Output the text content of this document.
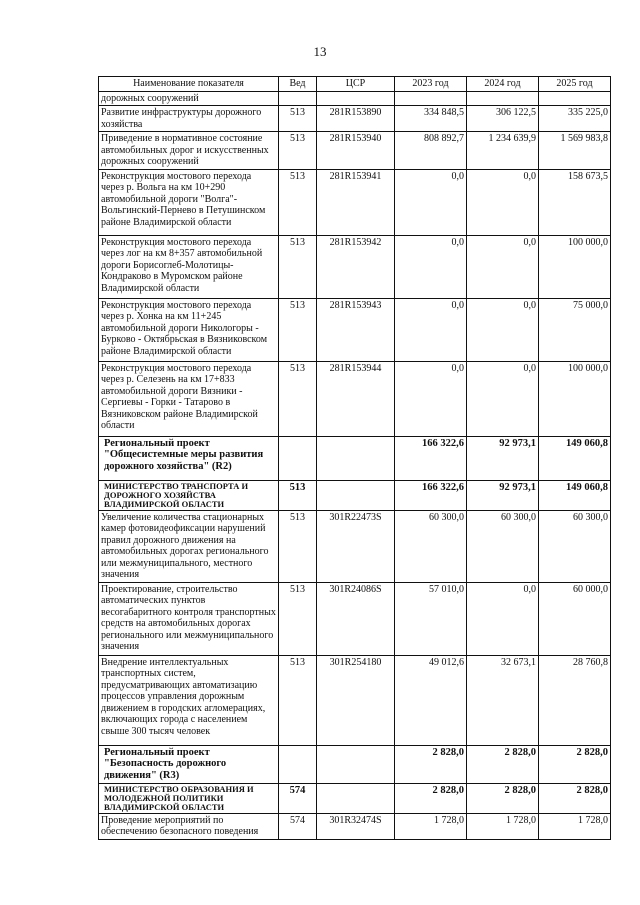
13
Наименование показателя	Вед	ЦСР	2023 год	2024 год	2025 год
дорожных сооружений					
Развитие инфраструктуры дорожного хозяйства	513	281R153890	334 848,5	306 122,5	335 225,0
Приведение в нормативное состояние автомобильных дорог и искусственных дорожных сооружений	513	281R153940	808 892,7	1 234 639,9	1 569 983,8
Реконструкция мостового перехода через р. Вольга на км 10+290 автомобильной дороги "Волга"-Вольгинский-Пернево в Петушинском районе Владимирской области	513	281R153941	0,0	0,0	158 673,5
Реконструкция мостового перехода через лог на км 8+357 автомобильной дороги Борисоглеб-Молотицы-Кондраково в Муромском районе Владимирской области	513	281R153942	0,0	0,0	100 000,0
Реконструкция мостового перехода через р. Хонка на км 11+245 автомобильной дороги Никологоры - Бурково - Октябрьская в Вязниковском районе Владимирской области	513	281R153943	0,0	0,0	75 000,0
Реконструкция мостового перехода через р. Селезень на км 17+833 автомобильной дороги Вязники - Сергиевы - Горки - Татарово в Вязниковском районе Владимирской области	513	281R153944	0,0	0,0	100 000,0
Региональный проект "Общесистемные меры развития дорожного хозяйства" (R2)			166 322,6	92 973,1	149 060,8
МИНИСТЕРСТВО ТРАНСПОРТА И ДОРОЖНОГО ХОЗЯЙСТВА ВЛАДИМИРСКОЙ ОБЛАСТИ	513		166 322,6	92 973,1	149 060,8
Увеличение количества стационарных камер фотовидеофиксации нарушений правил дорожного движения на автомобильных дорогах регионального или межмуниципального, местного значения	513	301R22473S	60 300,0	60 300,0	60 300,0
Проектирование, строительство автоматических пунктов весогабаритного контроля транспортных средств на автомобильных дорогах регионального или межмуниципального значения	513	301R24086S	57 010,0	0,0	60 000,0
Внедрение интеллектуальных транспортных систем, предусматривающих автоматизацию процессов управления дорожным движением в городских агломерациях, включающих города с населением свыше 300 тысяч человек	513	301R254180	49 012,6	32 673,1	28 760,8
Региональный проект "Безопасность дорожного движения" (R3)			2 828,0	2 828,0	2 828,0
МИНИСТЕРСТВО ОБРАЗОВАНИЯ И МОЛОДЕЖНОЙ ПОЛИТИКИ ВЛАДИМИРСКОЙ ОБЛАСТИ	574		2 828,0	2 828,0	2 828,0
Проведение мероприятий по обеспечению безопасного поведения	574	301R32474S	1 728,0	1 728,0	1 728,0
